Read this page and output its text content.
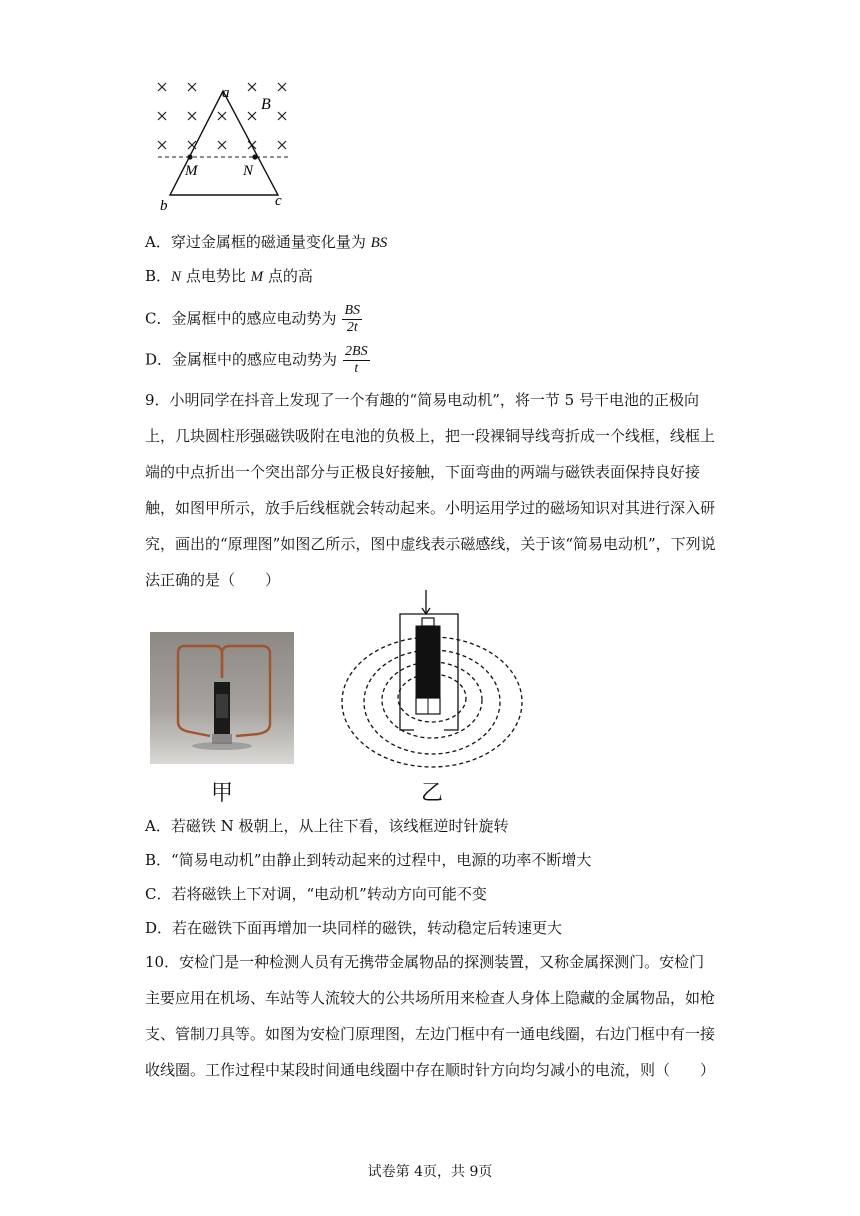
a
B
M	N
b	c
A．穿过金属框的磁通量变化量为 BS
B．N 点电势比 M 点的高
C．金属框中的感应电动势为 $\frac{BS}{2t}$
D．金属框中的感应电动势为 $\frac{2BS}{t}$
9．小明同学在抖音上发现了一个有趣的“简易电动机”，将一节 5 号干电池的正极向上，几块圆柱形强磁铁吸附在电池的负极上，把一段裸铜导线弯折成一个线框，线框上端的中点折出一个突出部分与正极良好接触，下面弯曲的两端与磁铁表面保持良好接触，如图甲所示，放手后线框就会转动起来。小明运用学过的磁场知识对其进行深入研究，画出的“原理图”如图乙所示，图中虚线表示磁感线，关于该“简易电动机”，下列说法正确的是（　　）
甲	乙
A．若磁铁 N 极朝上，从上往下看，该线框逆时针旋转
B．“简易电动机”由静止到转动起来的过程中，电源的功率不断增大
C．若将磁铁上下对调，“电动机”转动方向可能不变
D．若在磁铁下面再增加一块同样的磁铁，转动稳定后转速更大
10．安检门是一种检测人员有无携带金属物品的探测装置，又称金属探测门。安检门主要应用在机场、车站等人流较大的公共场所用来检查人身体上隐藏的金属物品，如枪支、管制刀具等。如图为安检门原理图，左边门框中有一通电线圈，右边门框中有一接收线圈。工作过程中某段时间通电线圈中存在顺时针方向均匀减小的电流，则（　　）
试卷第 4页，共 9页
